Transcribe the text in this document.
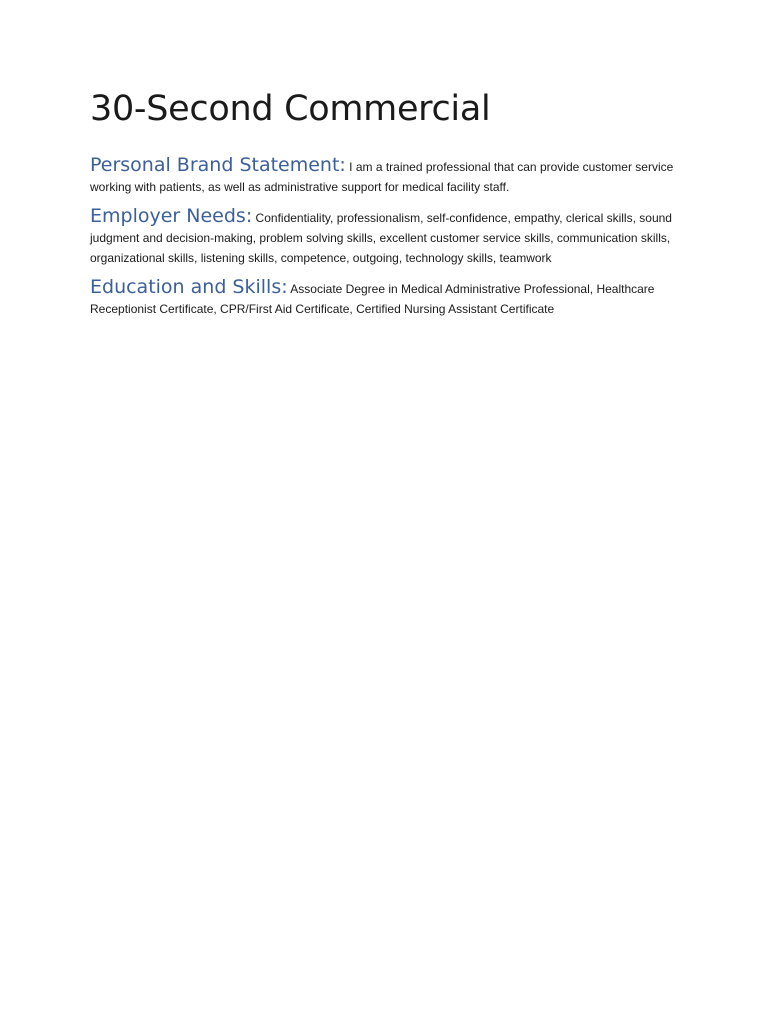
30-Second Commercial

Personal Brand Statement: I am a trained professional that can provide customer service working with patients, as well as administrative support for medical facility staff.

Employer Needs: Confidentiality, professionalism, self-confidence, empathy, clerical skills, sound judgment and decision-making, problem solving skills, excellent customer service skills, communication skills, organizational skills, listening skills, competence, outgoing, technology skills, teamwork

Education and Skills: Associate Degree in Medical Administrative Professional, Healthcare Receptionist Certificate, CPR/First Aid Certificate, Certified Nursing Assistant Certificate
